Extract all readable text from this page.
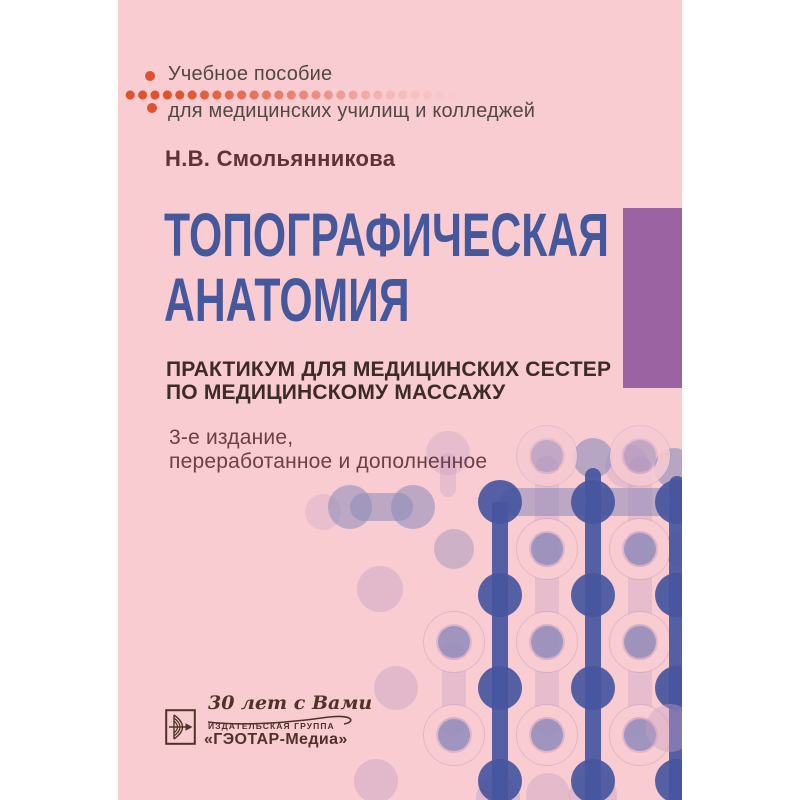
Учебное пособие
для медицинских училищ и колледжей
Н.В. Смольянникова
ТОПОГРАФИЧЕСКАЯ
АНАТОМИЯ
ПРАКТИКУМ ДЛЯ МЕДИЦИНСКИХ СЕСТЕР
ПО МЕДИЦИНСКОМУ МАССАЖУ
3-е издание,
переработанное и дополненное
30 лет с Вами
ИЗДАТЕЛЬСКАЯ ГРУППА
«ГЭОТАР-Медиа»
